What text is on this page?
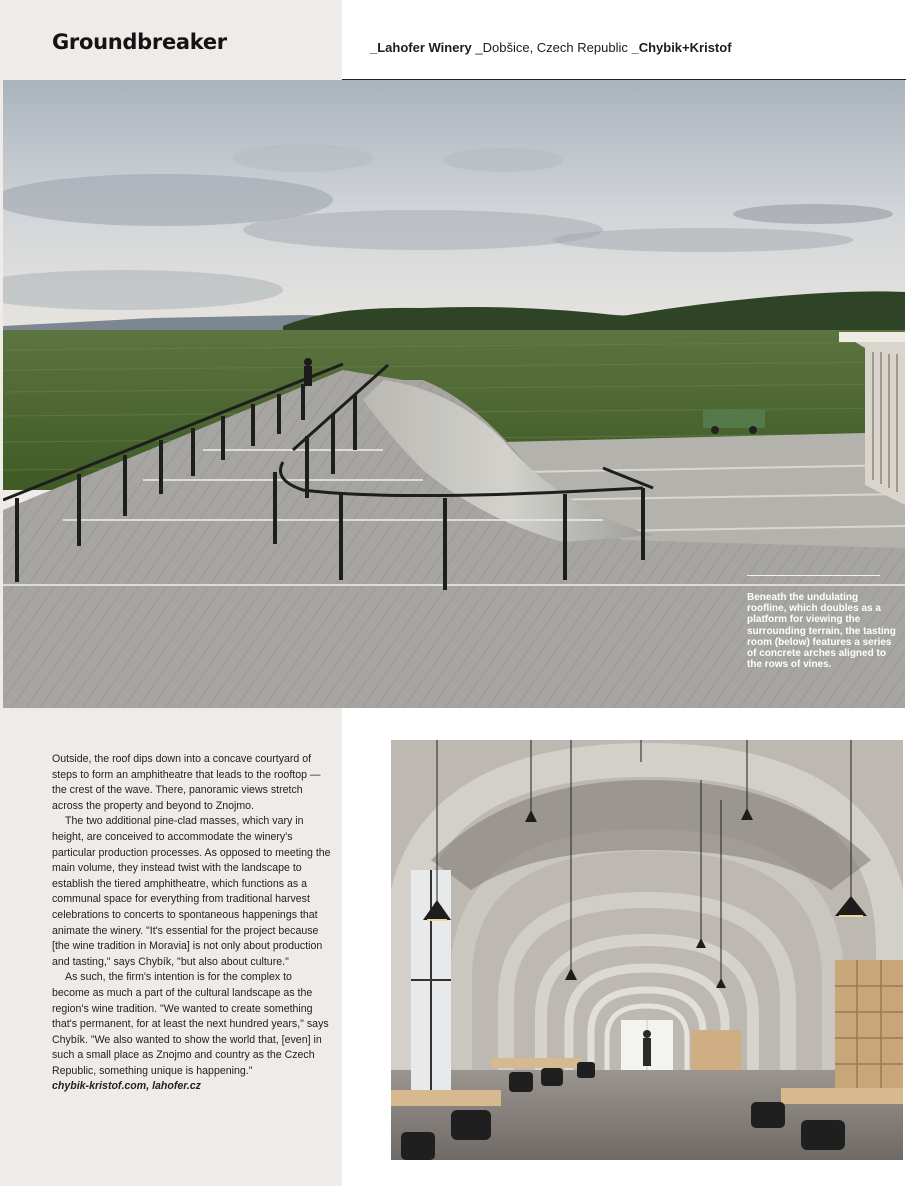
Groundbreaker	_Lahofer Winery _Dobšice, Czech Republic _Chybik+Kristof
Beneath the undulating roofline, which doubles as a platform for viewing the surrounding terrain, the tasting room (below) features a series of concrete arches aligned to the rows of vines.

Outside, the roof dips down into a concave courtyard of steps to form an amphitheatre that leads to the rooftop — the crest of the wave. There, panoramic views stretch across the property and beyond to Znojmo.

The two additional pine-clad masses, which vary in height, are conceived to accommodate the winery's particular production processes. As opposed to meeting the main volume, they instead twist with the landscape to establish the tiered amphitheatre, which functions as a communal space for everything from traditional harvest celebrations to concerts to spontaneous happenings that animate the winery. "It's essential for the project because [the wine tradition in Moravia] is not only about production and tasting," says Chybík, "but also about culture."

As such, the firm's intention is for the complex to become as much a part of the cultural landscape as the region's wine tradition. "We wanted to create something that's permanent, for at least the next hundred years," says Chybík. "We also wanted to show the world that, [even] in such a small place as Znojmo and country as the Czech Republic, something unique is happening."

chybik-kristof.com, lahofer.cz
